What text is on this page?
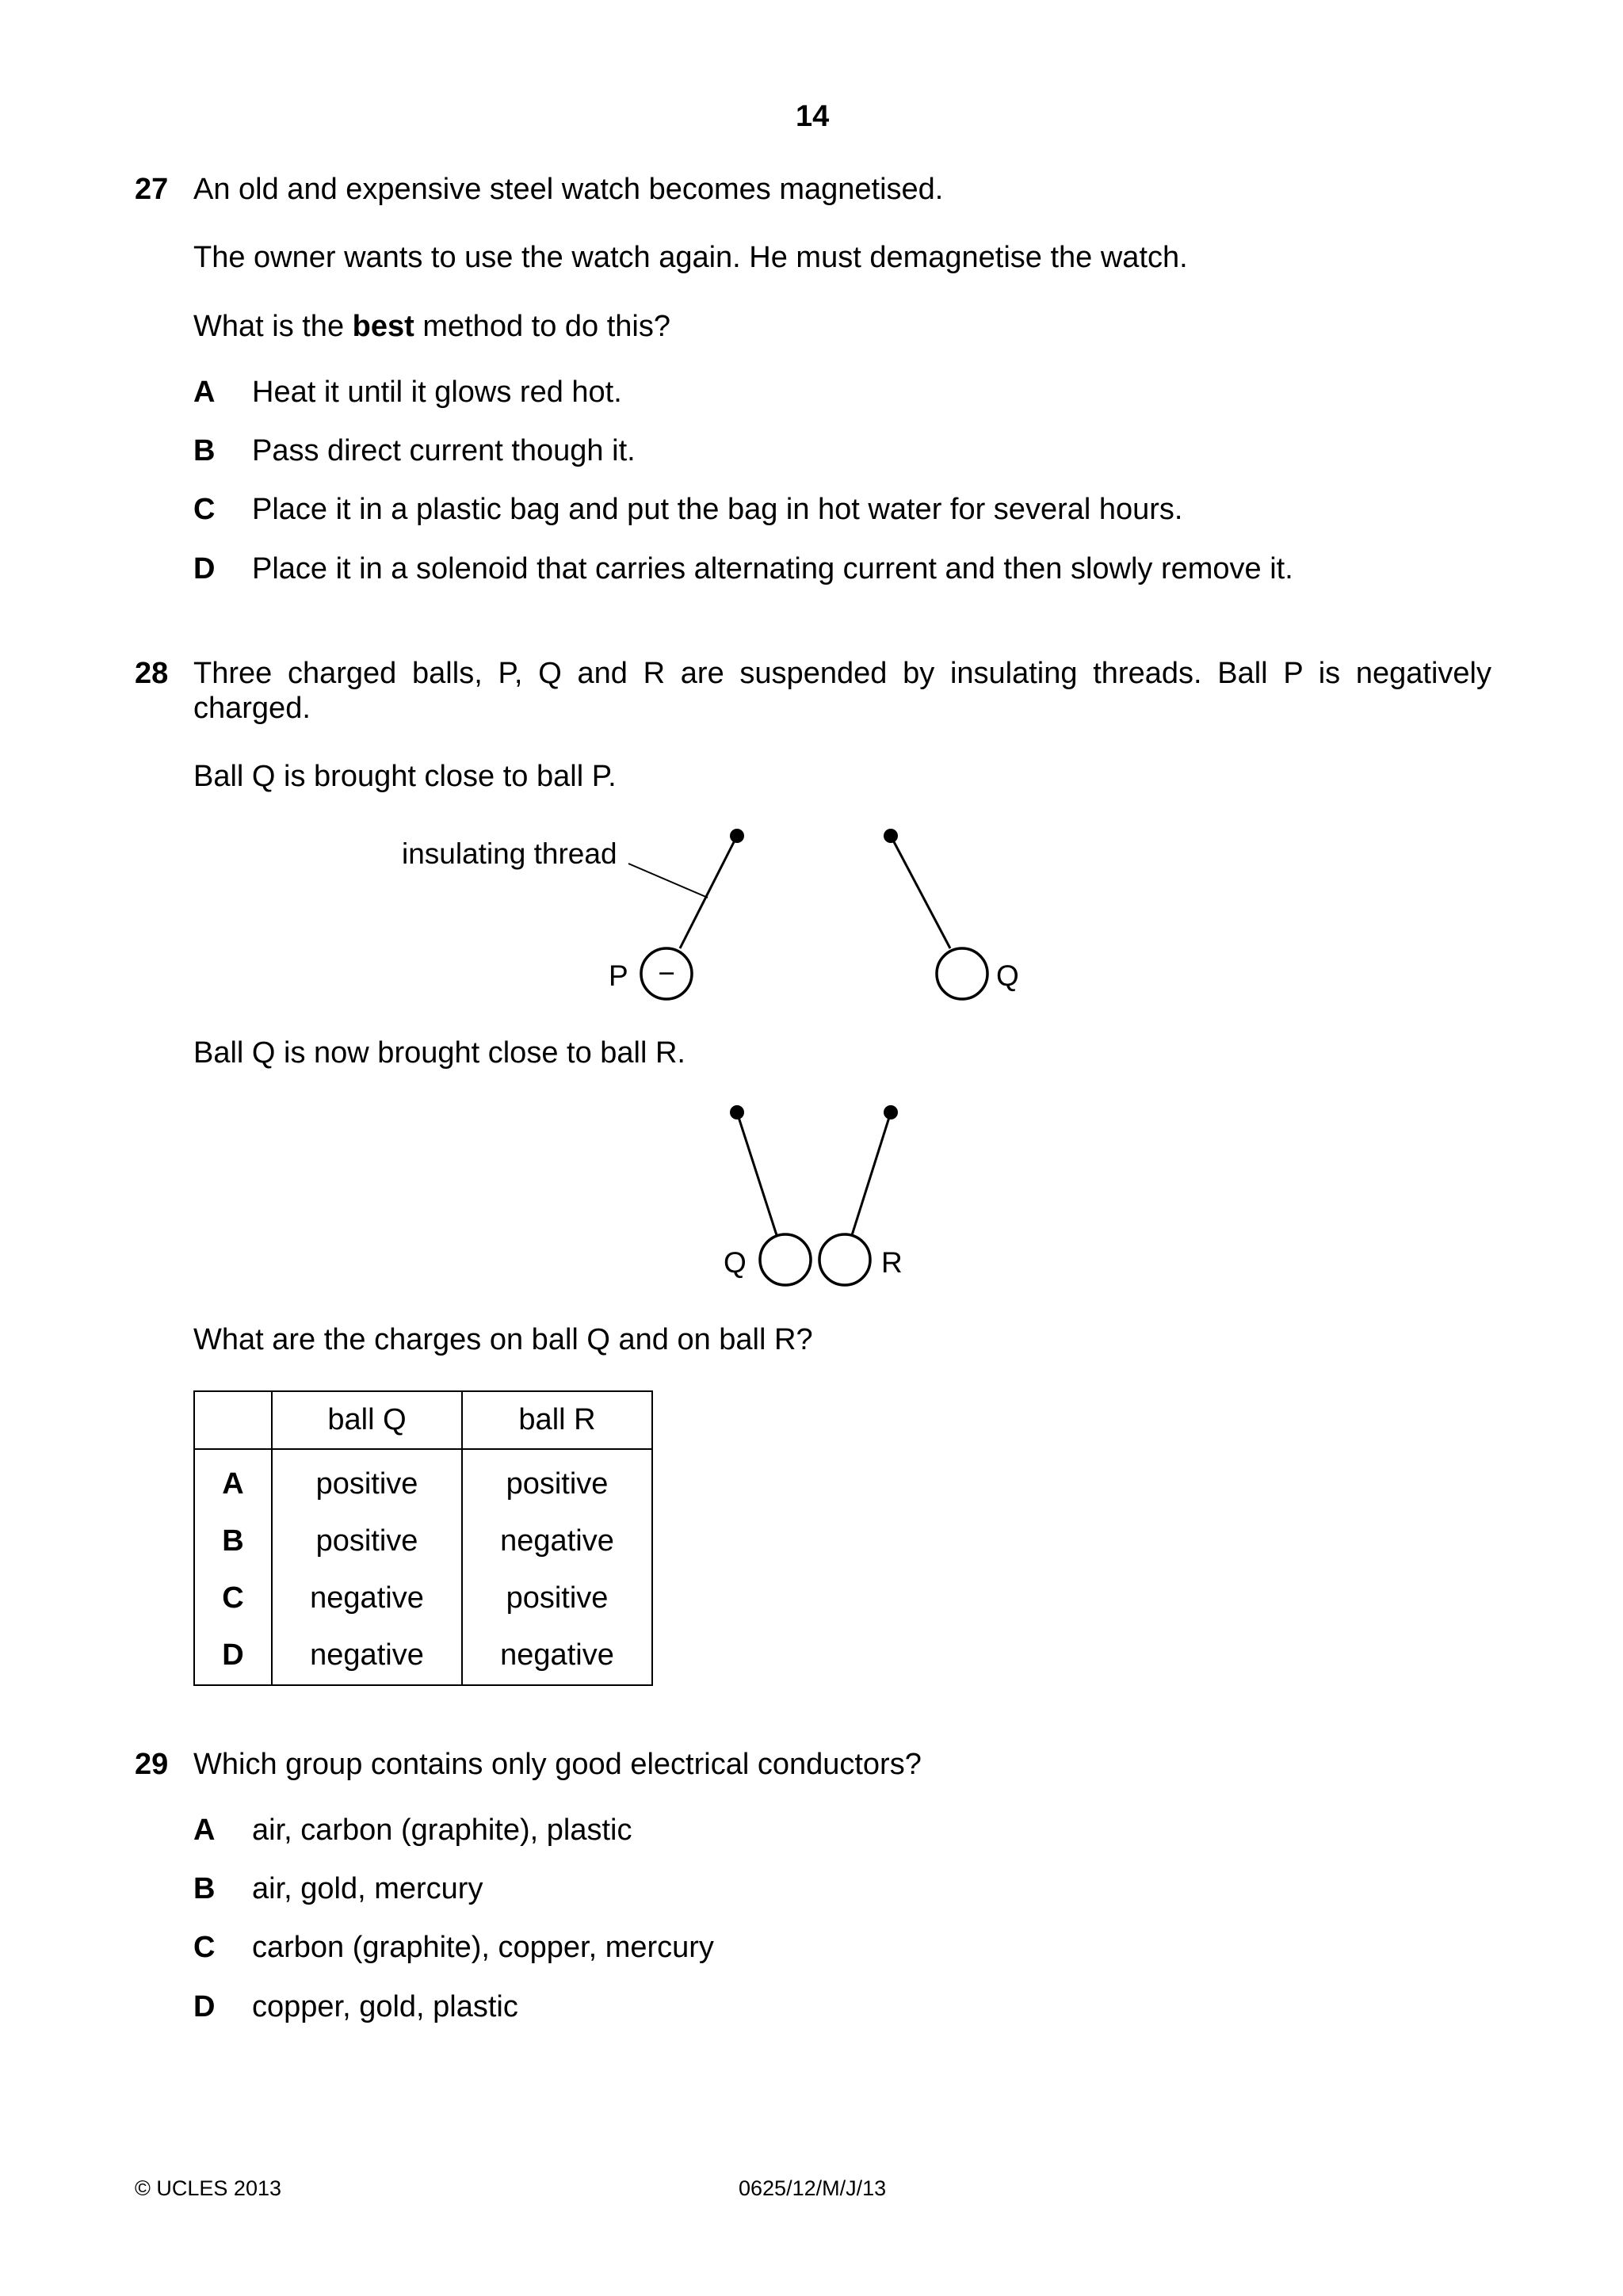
14
27 An old and expensive steel watch becomes magnetised.
The owner wants to use the watch again. He must demagnetise the watch.
What is the best method to do this?
A Heat it until it glows red hot.
B Pass direct current though it.
C Place it in a plastic bag and put the bag in hot water for several hours.
D Place it in a solenoid that carries alternating current and then slowly remove it.
28 Three charged balls, P, Q and R are suspended by insulating threads. Ball P is negatively
charged.
Ball Q is brought close to ball P.
insulating thread
P −	Q
Q	R
Ball Q is now brought close to ball R.
What are the charges on ball Q and on ball R?
	ball Q	ball R
A	positive	positive
B	positive	negative
C	negative	positive
D	negative	negative
29 Which group contains only good electrical conductors?
A air, carbon (graphite), plastic
B air, gold, mercury
C carbon (graphite), copper, mercury
D copper, gold, plastic
© UCLES 2013	0625/12/M/J/13
